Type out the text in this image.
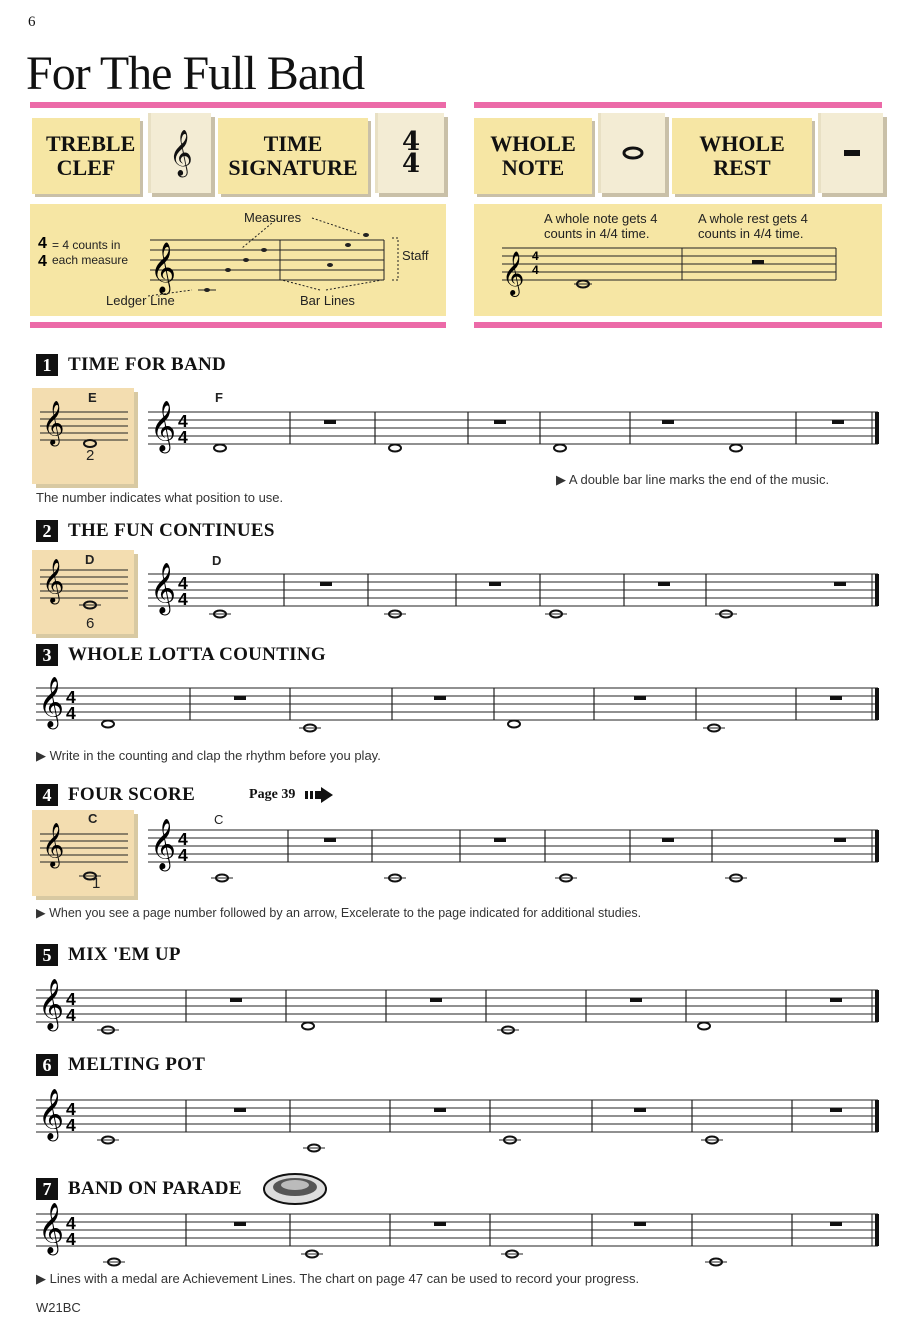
6
For The Full Band
TREBLE CLEF	𝄞	TIME SIGNATURE
4
4
WHOLE NOTE
WHOLE REST
4
4 𝄞
= 4 counts in each measure
Measures
Staff
Ledger Line	Bar Lines
𝄞 4
4
A whole note gets 4 counts in 4/4 time.
A whole rest gets 4 counts in 4/4 time.
1 TIME FOR BAND
2 THE FUN CONTINUES
3 WHOLE LOTTA COUNTING
4 FOUR SCORE	Page 39
5 MIX 'EM UP
6 MELTING POT
7 BAND ON PARADE
𝄞
𝄞
𝄞
𝄞 4
4
𝄞 4
4
𝄞 4
4
𝄞 4
4
𝄞 4
4
𝄞 4
4
𝄞 4
4
E
2
D
6
C
1
F
D
C
▶ A double bar line marks the end of the music.
The number indicates what position to use.
▶ Write in the counting and clap the rhythm before you play.
▶ When you see a page number followed by an arrow, Excelerate to the page indicated for additional studies.
▶ Lines with a medal are Achievement Lines. The chart on page 47 can be used to record your progress.
W21BC
